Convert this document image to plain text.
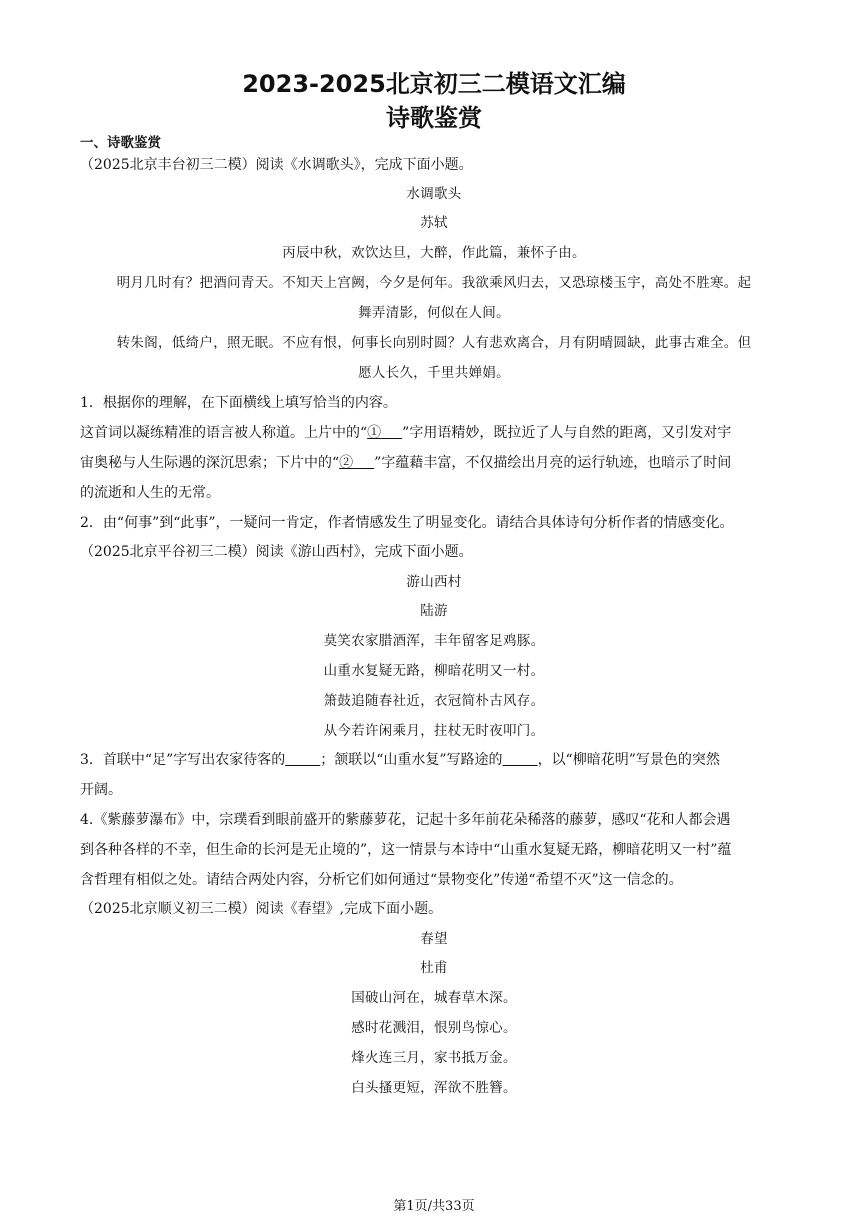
2023-2025北京初三二模语文汇编
诗歌鉴赏
一、诗歌鉴赏
（2025北京丰台初三二模）阅读《水调歌头》，完成下面小题。
水调歌头
苏轼
丙辰中秋，欢饮达旦，大醉，作此篇，兼怀子由。
明月几时有？把酒问青天。不知天上宫阙，今夕是何年。我欲乘风归去，又恐琼楼玉宇，高处不胜寒。起
舞弄清影，何似在人间。
转朱阁，低绮户，照无眠。不应有恨，何事长向别时圆？人有悲欢离合，月有阴晴圆缺，此事古难全。但
愿人长久，千里共婵娟。
1．根据你的理解，在下面横线上填写恰当的内容。
这首词以凝练精准的语言被人称道。上片中的“①    ”字用语精妙，既拉近了人与自然的距离，又引发对宇
宙奥秘与人生际遇的深沉思索；下片中的“②    ”字蕴藉丰富，不仅描绘出月亮的运行轨迹，也暗示了时间
的流逝和人生的无常。
2．由“何事”到“此事”，一疑问一肯定，作者情感发生了明显变化。请结合具体诗句分析作者的情感变化。
（2025北京平谷初三二模）阅读《游山西村》，完成下面小题。
游山西村
陆游
莫笑农家腊酒浑，丰年留客足鸡豚。
山重水复疑无路，柳暗花明又一村。
箫鼓追随春社近，衣冠简朴古风存。
从今若许闲乘月，拄杖无时夜叩门。
3．首联中“足”字写出农家待客的     	；颔联以“山重水复”写路途的     	，以“柳暗花明”写景色的突然
开阔。
4.《紫藤萝瀑布》中，宗璞看到眼前盛开的紫藤萝花，记起十多年前花朵稀落的藤萝，感叹“花和人都会遇
到各种各样的不幸，但生命的长河是无止境的”，这一情景与本诗中“山重水复疑无路，柳暗花明又一村”蕴
含哲理有相似之处。请结合两处内容，分析它们如何通过“景物变化”传递“希望不灭”这一信念的。
（2025北京顺义初三二模）阅读《春望》,完成下面小题。
春望
杜甫
国破山河在，城春草木深。
感时花溅泪，恨别鸟惊心。
烽火连三月，家书抵万金。
白头搔更短，浑欲不胜簪。
第1页/共33页
